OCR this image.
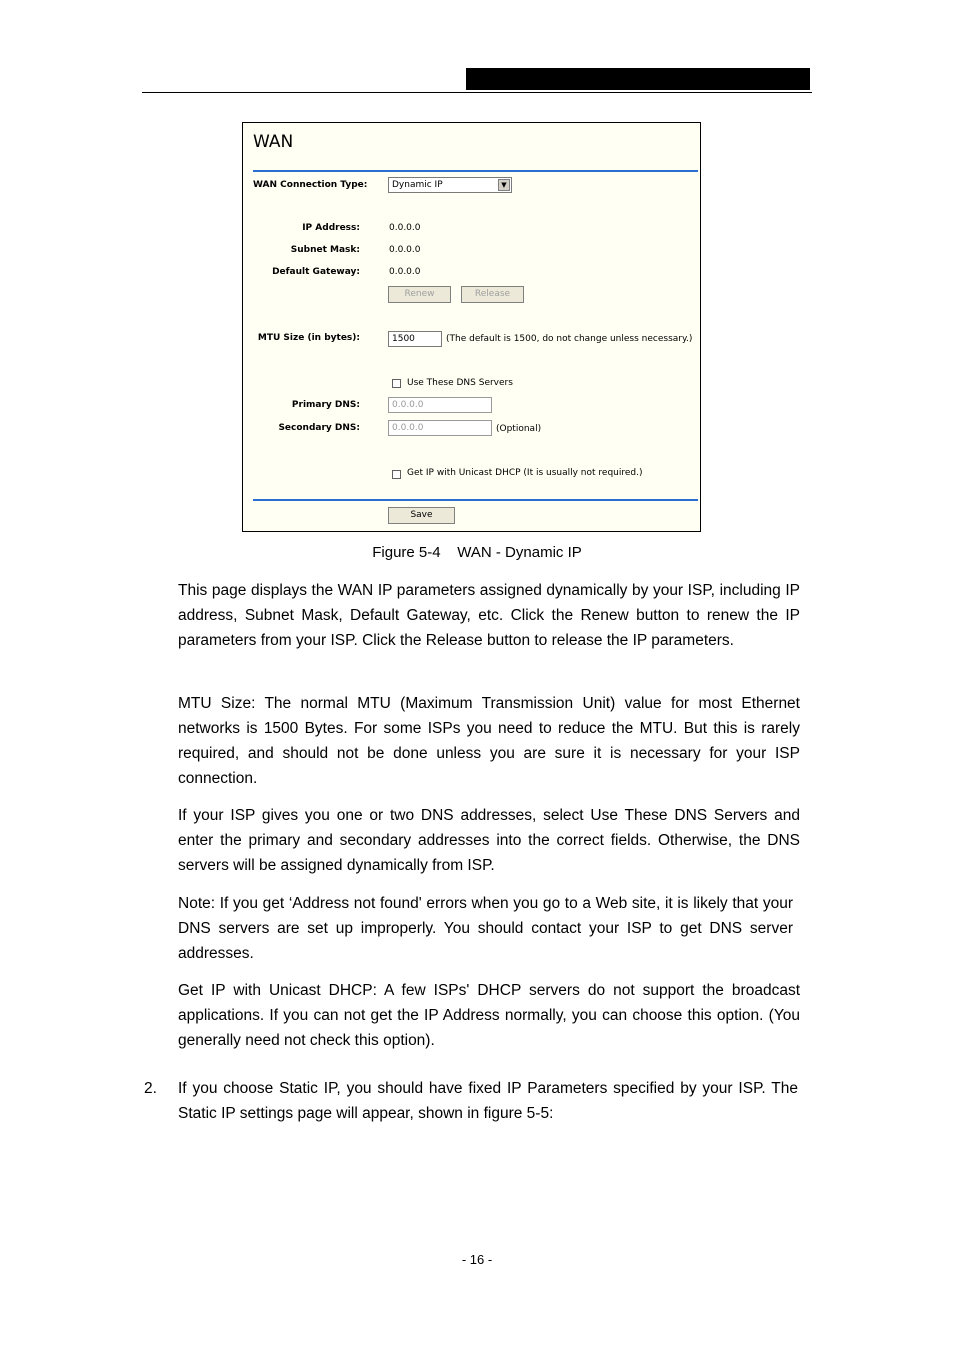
WAN
WAN Connection Type:	Dynamic IP	▼
IP Address:	0.0.0.0
Subnet Mask:	0.0.0.0
Default Gateway:	0.0.0.0
Renew	Release
MTU Size (in bytes):	1500	(The default is 1500, do not change unless necessary.)
Use These DNS Servers
Primary DNS:	0.0.0.0
Secondary DNS:	0.0.0.0	(Optional)
Get IP with Unicast DHCP (It is usually not required.)
Save
Figure 5-4    WAN - Dynamic IP

This page displays the WAN IP parameters assigned dynamically by your ISP, including IP address, Subnet Mask, Default Gateway, etc. Click the Renew button to renew the IP parameters from your ISP. Click the Release button to release the IP parameters.

MTU Size: The normal MTU (Maximum Transmission Unit) value for most Ethernet networks is 1500 Bytes. For some ISPs you need to reduce the MTU. But this is rarely required, and should not be done unless you are sure it is necessary for your ISP connection.

If your ISP gives you one or two DNS addresses, select Use These DNS Servers and enter the primary and secondary addresses into the correct fields. Otherwise, the DNS servers will be assigned dynamically from ISP.

Note: If you get ‘Address not found' errors when you go to a Web site, it is likely that your DNS servers are set up improperly. You should contact your ISP to get DNS server addresses.

Get IP with Unicast DHCP: A few ISPs' DHCP servers do not support the broadcast applications. If you can not get the IP Address normally, you can choose this option. (You generally need not check this option).

2. If you choose Static IP, you should have fixed IP Parameters specified by your ISP. The Static IP settings page will appear, shown in figure 5-5:

- 16 -
